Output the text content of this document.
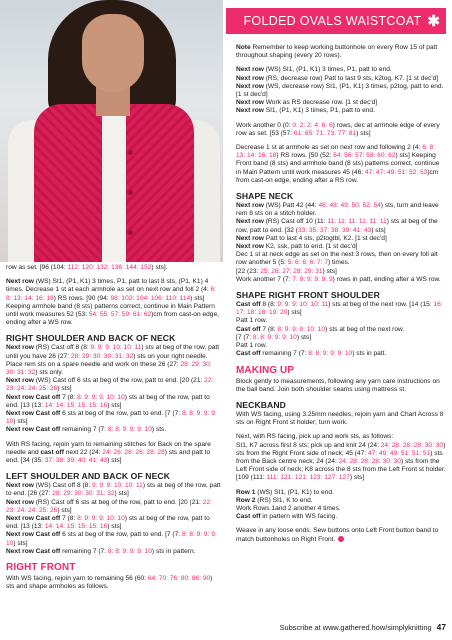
FOLDED OVALS WAISTCOAT ✱

row as set. [96 (104: 112: 120: 132: 136: 144: 152) sts].

Next row (WS) SI1, (P1, K1) 3 times, P1, patt to last 8 sts, (P1, K1) 4 times. Decrease 1 st at each armhole as set on next row and foll 2 (4: 6: 8: 13: 14: 16: 18) RS rows. [90 (94: 98: 102: 104: 106: 110: 114) sts] Keeping armhole band (8 sts) patterns correct, continue in Main Pattern until work measures 52 (53: 54: 55: 57: 59: 61: 62)cm from cast-on edge, ending after a WS row.

RIGHT SHOULDER AND BACK OF NECK

Next row (RS) Cast off 8 (8: 9: 9: 9: 10: 10: 11) sts at beg of the row, patt until you have 26 (27: 28: 29: 30: 30: 31: 32) sts on your right needle. Place rem sts on a spare needle and work on these 26 (27: 28: 29: 30: 30: 31: 32) sts only.
Next row (WS) Cast off 6 sts at beg of the row, patt to end. [20 (21: 22: 23: 24: 24: 25: 26) sts]
Next row Cast off 7 (8: 8: 9: 9: 9: 10: 10) sts at beg of the row, patt to end. [13 (13: 14: 14: 15: 15: 15: 16) sts]
Next row Cast off 6 sts at beg of the row, patt to end. [7 (7: 8: 8: 9: 9: 9: 10) sts]
Next row Cast off remaining 7 (7: 8: 8: 9: 9: 9: 10) sts.

With RS facing, rejoin yarn to remaining stitches for Back on the spare needle and cast off next 22 (24: 24: 26: 26: 26: 28: 28) sts and patt to end. [34 (35: 37: 38: 39: 40: 41: 43) sts]

LEFT SHOULDER AND BACK OF NECK

Next row (WS) Cast off 8 (8: 9: 9: 9: 10: 10: 11) sts at beg of the row, patt to end. [26 (27: 28: 29: 30: 30: 31: 32) sts]
Next row (RS) Cast off 6 sts at beg of the row, patt to end. [20 (21: 22: 23: 24: 24: 25: 26) sts]
Next row Cast off 7 (8: 8: 9: 9: 9: 10: 10) sts at beg of the row, patt to end. [13 (13: 14: 14: 15: 15: 15: 16) sts]
Next row Cast off 6 sts at beg of the row, patt to end. [7 (7: 8: 8: 9: 9: 9: 10) sts]
Next row Cast off remaining 7 (7: 8: 8: 9: 9: 9: 10) sts in pattern.

RIGHT FRONT

With WS facing, rejoin yarn to remaining 56 (60: 64: 70: 76: 80: 86: 90) sts and shape armholes as follows.

Note Remember to keep working buttonhole on every Row 15 of patt throughout shaping (every 20 rows).

Next row (WS) SI1, (P1, K1) 3 times, P1, patt to end.
Next row (RS, decrease row) Patt to last 9 sts, k2tog, K7. [1 st dec'd]
Next row (WS, decrease row) SI1, (P1, K1) 3 times, p2tog, patt to end. [1 st dec'd]
Next row Work as RS decrease row. [1 st dec'd]
Next row SI1, (P1, K1) 3 times, P1, patt to end.

Work another 0 (0: 0: 2: 2: 4: 6: 6) rows, dec at armhole edge of every row as set. [53 (57: 61: 65: 71: 73: 77: 81) sts]

Decrease 1 st at armhole as set on next row and following 2 (4: 6: 8: 13: 14: 16: 18) RS rows. [50 (52: 54: 56: 57: 58: 60: 62) sts] Keeping Front band (8 sts) and armhole band (8 sts) patterns correct, continue in Main Pattern until work measures 45 (46: 47: 47: 49: 51: 52: 53)cm from cast-on edge, ending after a RS row.

SHAPE NECK

Next row (WS) Patt 42 (44: 46: 48: 49: 50: 52: 54) sts, turn and leave rem 8 sts on a stitch holder.
Next row (RS) Cast off 10 (11: 11: 11: 11: 11: 11: 11) sts at beg of the row, patt to end. [32 (33: 35: 37: 38: 39: 41: 43) sts]
Next row Patt to last 4 sts, p2togtbl, K2. [1 st dec'd]
Next row K2, ssk, patt to end. [1 st dec'd]
Dec 1 st at neck edge as set on the next 3 rows, then on every foll alt row another 5 (5: 5: 6: 6: 6: 7: 7) times.
[22 (23: 25: 26: 27: 28: 29: 31) sts]
Work another 7 (7: 7: 9: 9: 9: 9: 9) rows in patt, ending after a WS row.

SHAPE RIGHT FRONT SHOULDER

Cast off 8 (8: 9: 9: 9: 10: 10: 11) sts at beg of the next row. [14 (15: 16: 17: 18: 18: 19: 20) sts]
Patt 1 row.
Cast off 7 (8: 8: 9: 9: 9: 10: 10) sts at beg of the next row.
[7 (7: 8: 8: 9: 9: 9: 10) sts]
Patt 1 row.
Cast off remaining 7 (7: 8: 8: 9: 9: 9: 10) sts in patt.

MAKING UP

Block gently to measurements, following any yarn care instructions on the ball band. Join both shoulder seams using mattress st.

NECKBAND

With WS facing, using 3.25mm needles, rejoin yarn and Chart Across 8 sts on Right Front st holder; turn work.

Next, with RS facing, pick up and work sts, as follows:
SI1, K7 across first 8 sts; pick up and knit 24 (24: 24: 28: 28: 28: 30: 30) sts from the Right Front side of neck; 45 (47: 47: 49: 49: 51: 51: 51) sts from the Back centre neck; 24 (24: 24: 28: 28: 28: 30: 30) sts from the Left Front side of neck; K8 across the 8 sts from the Left Front st holder. [109 (111: 111: 121: 121: 123: 127: 127) sts]

Row 1 (WS) SI1, (P1, K1) to end.
Row 2 (RS) SI1, K to end.
Work Rows 1and 2 another 4 times.
Cast off in pattern with WS facing.

Weave in any loose ends. Sew buttons onto Left Front button band to match buttonholes on Right Front.

Subscribe at www.gathered.how/simplyknitting 47
